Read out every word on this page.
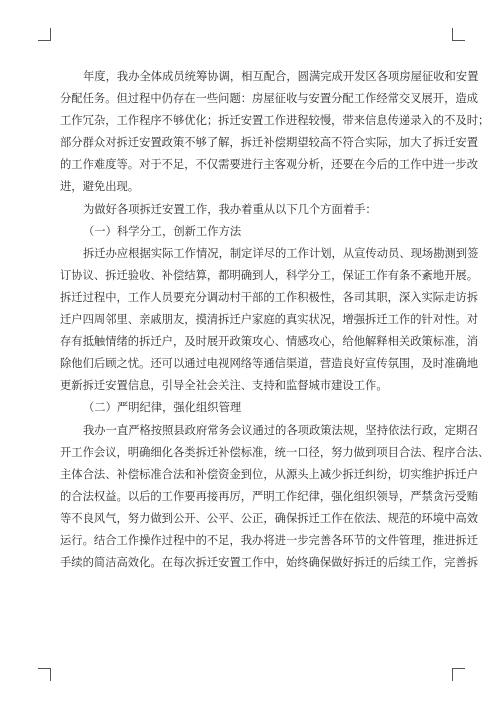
年度，我办全体成员统筹协调，相互配合，圆满完成开发区各项房屋征收和安置
分配任务。但过程中仍存在一些问题：房屋征收与安置分配工作经常交叉展开，造成
工作冗杂，工作程序不够优化；拆迁安置工作进程较慢，带来信息传递录入的不及时；
部分群众对拆迁安置政策不够了解，拆迁补偿期望较高不符合实际，加大了拆迁安置
的工作难度等。对于不足，不仅需要进行主客观分析，还要在今后的工作中进一步改
进，避免出现。
为做好各项拆迁安置工作，我办着重从以下几个方面着手：
（一）科学分工，创新工作方法
拆迁办应根据实际工作情况，制定详尽的工作计划，从宣传动员、现场勘测到签
订协议、拆迁验收、补偿结算，都明确到人，科学分工，保证工作有条不紊地开展。
拆迁过程中，工作人员要充分调动村干部的工作积极性，各司其职，深入实际走访拆
迁户四周邻里、亲戚朋友，摸清拆迁户家庭的真实状况，增强拆迁工作的针对性。对
存有抵触情绪的拆迁户，及时展开政策攻心、情感攻心，给他解释相关政策标准，消
除他们后顾之忧。还可以通过电视网络等通信渠道，营造良好宣传氛围，及时准确地
更新拆迁安置信息，引导全社会关注、支持和监督城市建设工作。
（二）严明纪律，强化组织管理
我办一直严格按照县政府常务会议通过的各项政策法规，坚持依法行政，定期召
开工作会议，明确细化各类拆迁补偿标准，统一口径，努力做到项目合法、程序合法、
主体合法、补偿标准合法和补偿资金到位，从源头上减少拆迁纠纷，切实维护拆迁户
的合法权益。以后的工作要再接再厉，严明工作纪律，强化组织领导，严禁贪污受贿
等不良风气，努力做到公开、公平、公正，确保拆迁工作在依法、规范的环境中高效
运行。结合工作操作过程中的不足，我办将进一步完善各环节的文件管理，推进拆迁
手续的简洁高效化。在每次拆迁安置工作中，始终确保做好拆迁的后续工作，完善拆
